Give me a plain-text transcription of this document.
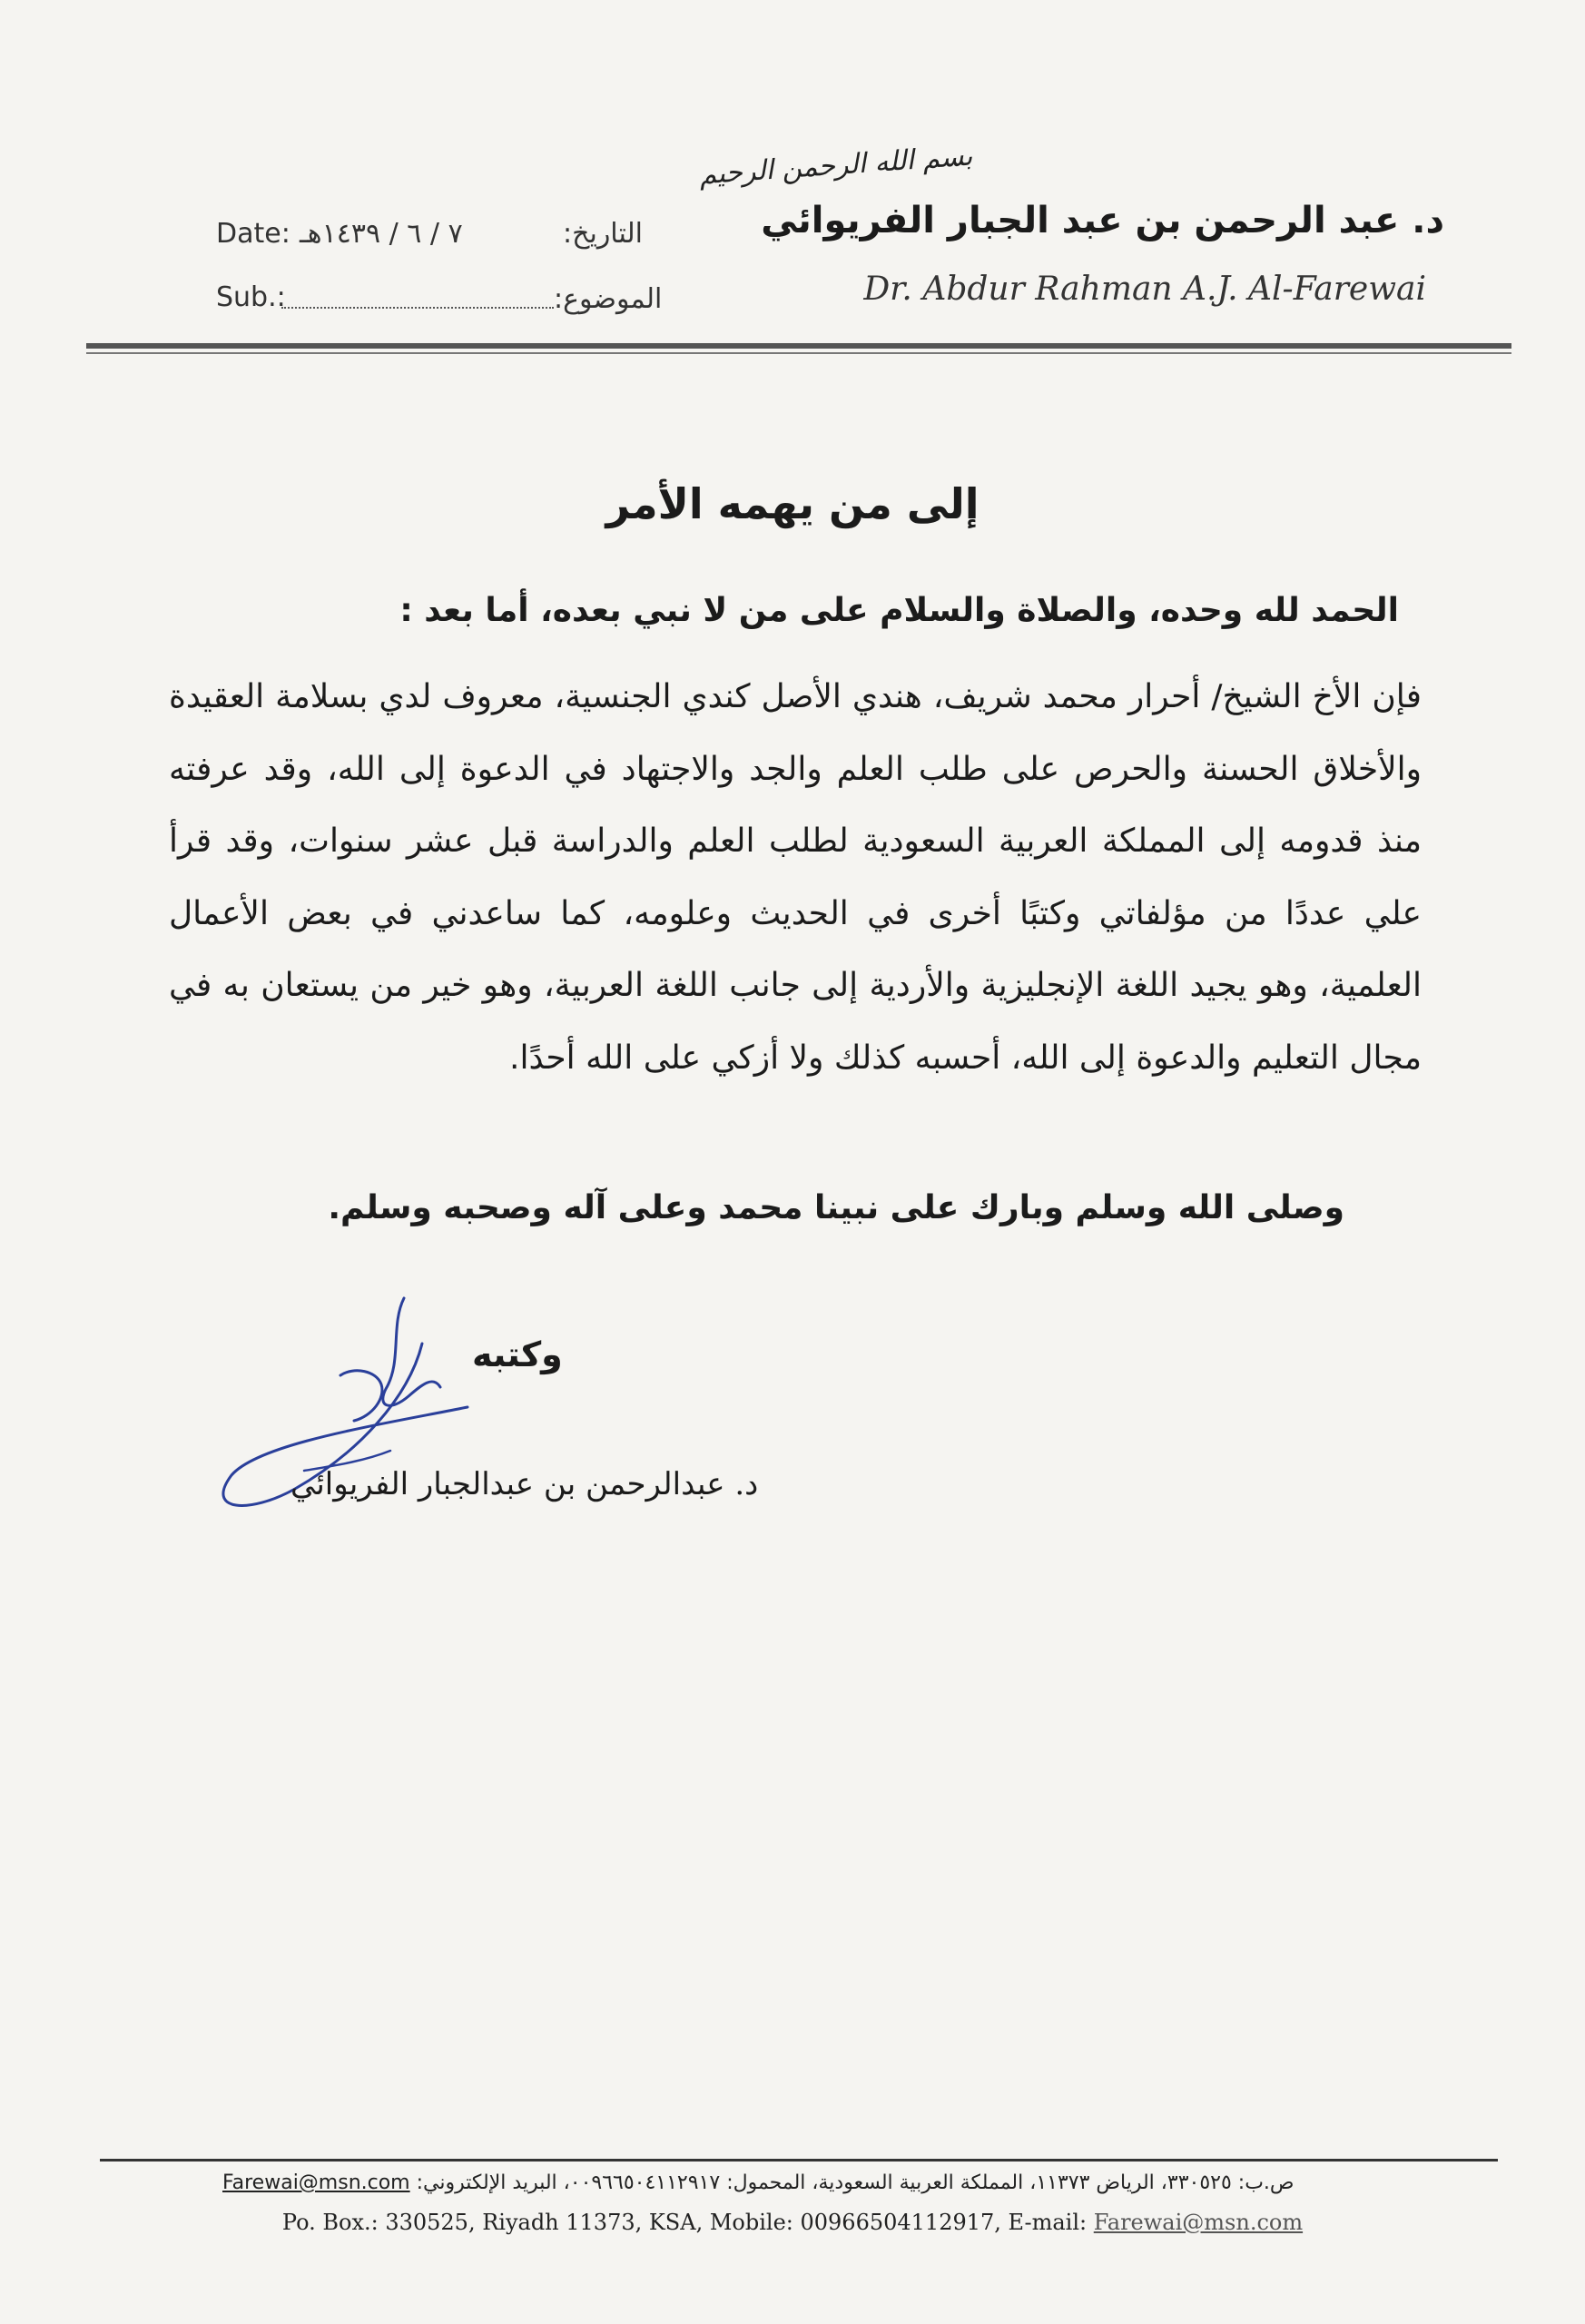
بسم الله الرحمن الرحيم
د. عبد الرحمن بن عبد الجبار الفريوائي
Dr. Abdur Rahman A.J. Al-Farewai
التاريخ:
٧ / ٦ / ١٤٣٩هـ
Date:
الموضوع:
Sub.:
إلى من يهمه الأمر
الحمد لله وحده، والصلاة والسلام على من لا نبي بعده، أما بعد :
فإن الأخ الشيخ/ أحرار محمد شريف، هندي الأصل كندي الجنسية، معروف لدي بسلامة العقيدة والأخلاق الحسنة والحرص على طلب العلم والجد والاجتهاد في الدعوة إلى الله، وقد عرفته منذ قدومه إلى المملكة العربية السعودية لطلب العلم والدراسة قبل عشر سنوات، وقد قرأ علي عددًا من مؤلفاتي وكتبًا أخرى في الحديث وعلومه، كما ساعدني في بعض الأعمال العلمية، وهو يجيد اللغة الإنجليزية والأردية إلى جانب اللغة العربية، وهو خير من يستعان به في مجال التعليم والدعوة إلى الله، أحسبه كذلك ولا أزكي على الله أحدًا.
وصلى الله وسلم وبارك على نبينا محمد وعلى آله وصحبه وسلم.
وكتبه
د. عبدالرحمن بن عبدالجبار الفريوائي
ص.ب: ٣٣٠٥٢٥، الرياض ١١٣٧٣، المملكة العربية السعودية، المحمول: ٠٠٩٦٦٥٠٤١١٢٩١٧، البريد الإلكتروني: Farewai@msn.com
Po. Box.: 330525, Riyadh 11373, KSA, Mobile: 00966504112917, E-mail: Farewai@msn.com
